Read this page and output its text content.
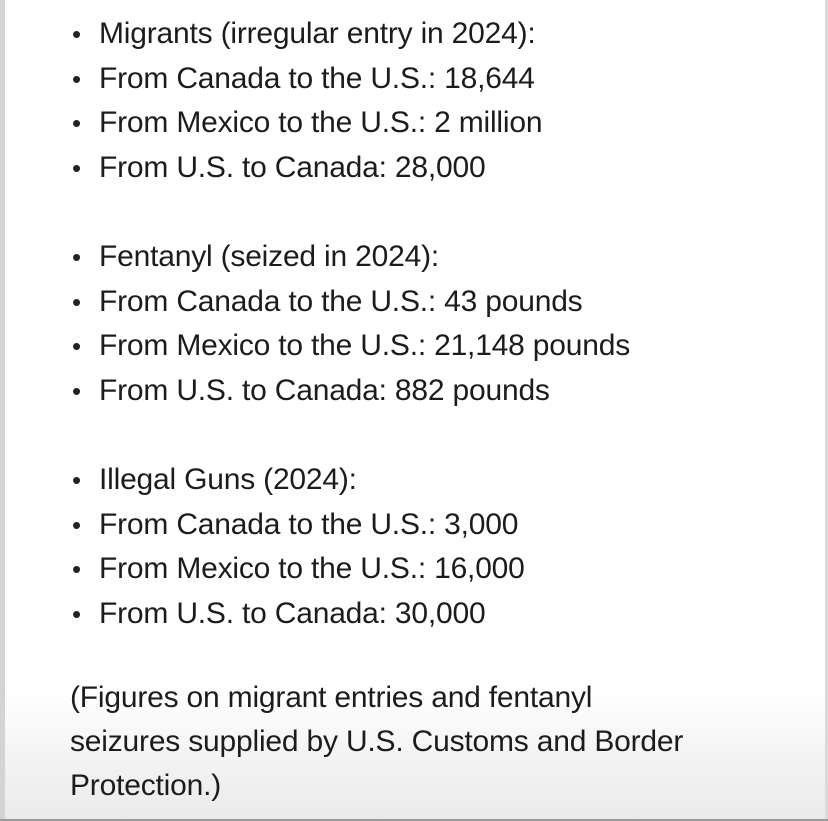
• Migrants (irregular entry in 2024):
• From Canada to the U.S.: 18,644
• From Mexico to the U.S.: 2 million
• From U.S. to Canada: 28,000
• Fentanyl (seized in 2024):
• From Canada to the U.S.: 43 pounds
• From Mexico to the U.S.: 21,148 pounds
• From U.S. to Canada: 882 pounds
• Illegal Guns (2024):
• From Canada to the U.S.: 3,000
• From Mexico to the U.S.: 16,000
• From U.S. to Canada: 30,000
(Figures on migrant entries and fentanyl
seizures supplied by U.S. Customs and Border
Protection.)
